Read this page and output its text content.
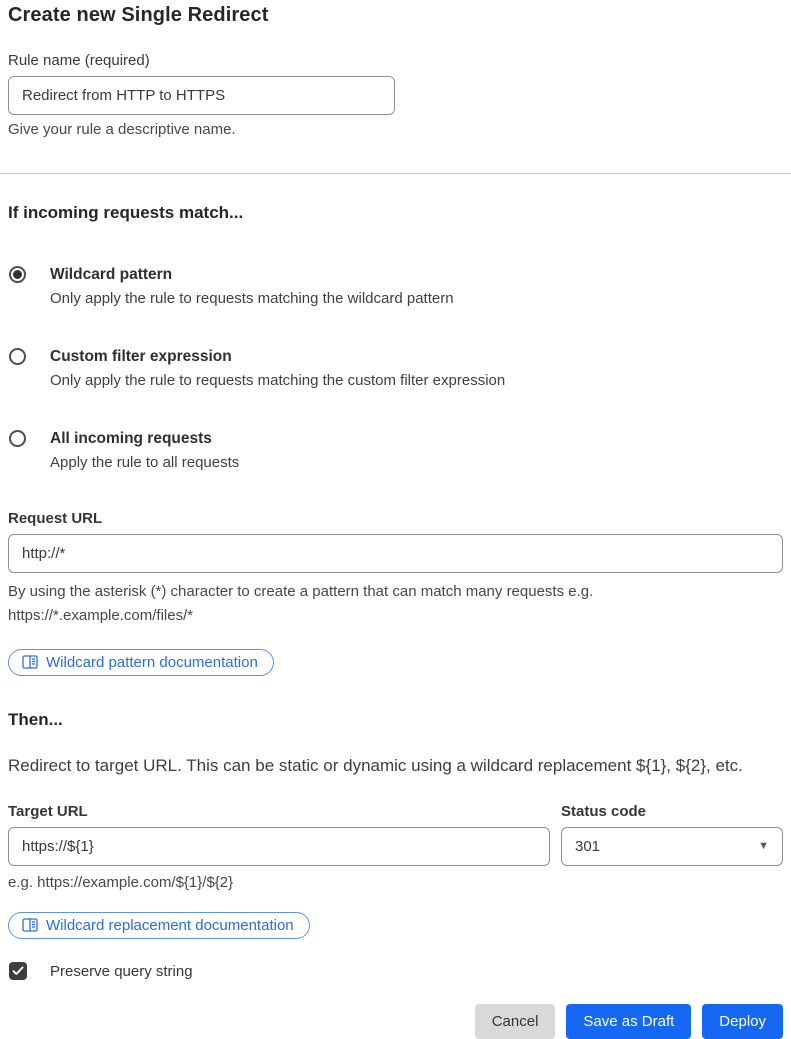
Create new Single Redirect
Rule name (required)
Redirect from HTTP to HTTPS
Give your rule a descriptive name.
If incoming requests match...
Wildcard pattern
Only apply the rule to requests matching the wildcard pattern
Custom filter expression
Only apply the rule to requests matching the custom filter expression
All incoming requests
Apply the rule to all requests
Request URL
http://*
By using the asterisk (*) character to create a pattern that can match many requests e.g.
https://*.example.com/files/*
Wildcard pattern documentation
Then...
Redirect to target URL. This can be static or dynamic using a wildcard replacement ${1}, ${2}, etc.
Target URL	Status code
https://${1}
301	▼
e.g. https://example.com/${1}/${2}
Wildcard replacement documentation
Preserve query string
Cancel	Save as Draft	Deploy
